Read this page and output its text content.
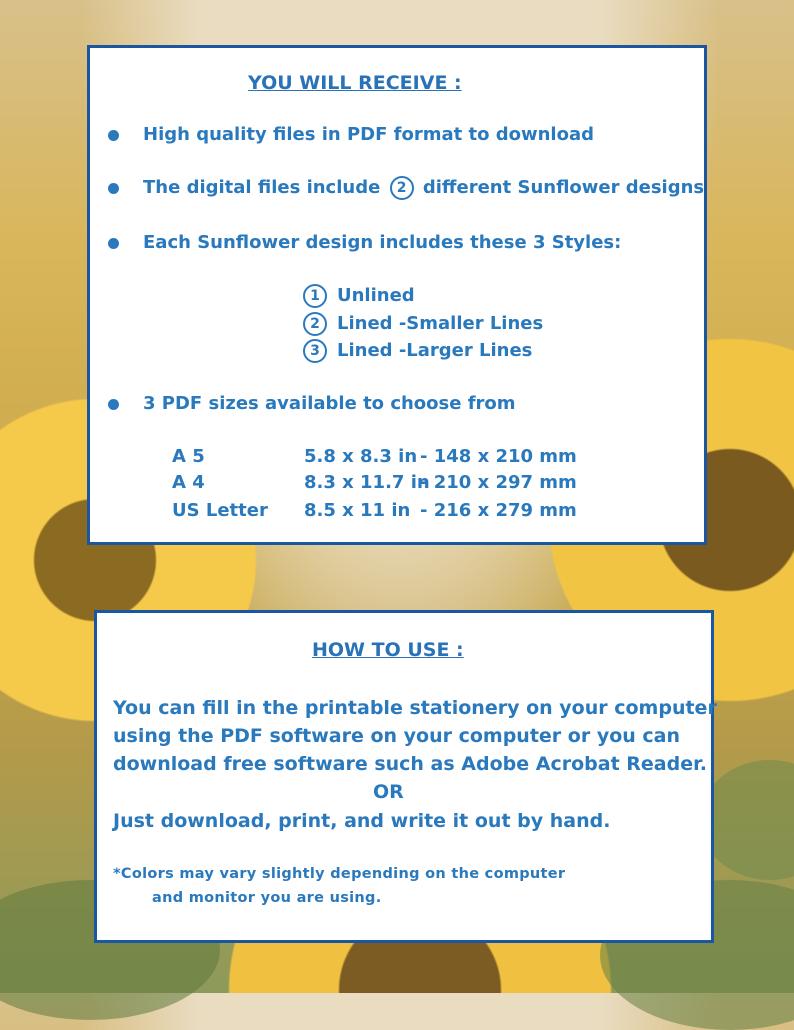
YOU WILL RECEIVE :
High quality files in PDF format to download
The digital files include 2 different Sunflower designs
Each Sunflower design includes these 3 Styles:
1 Unlined
2 Lined -Smaller Lines
3 Lined -Larger Lines
3 PDF sizes available to choose from
A 5	5.8 x 8.3 in - 148 x 210 mm
A 4	8.3 x 11.7 in
- 210 x 297 mm
US Letter 8.5 x 11 in - 216 x 279 mm
HOW TO USE :
You can fill in the printable stationery on your computer
using the PDF software on your computer or you can
download free software such as Adobe Acrobat Reader.
OR
Just download, print, and write it out by hand.
*Colors may vary slightly depending on the computer
and monitor you are using.
